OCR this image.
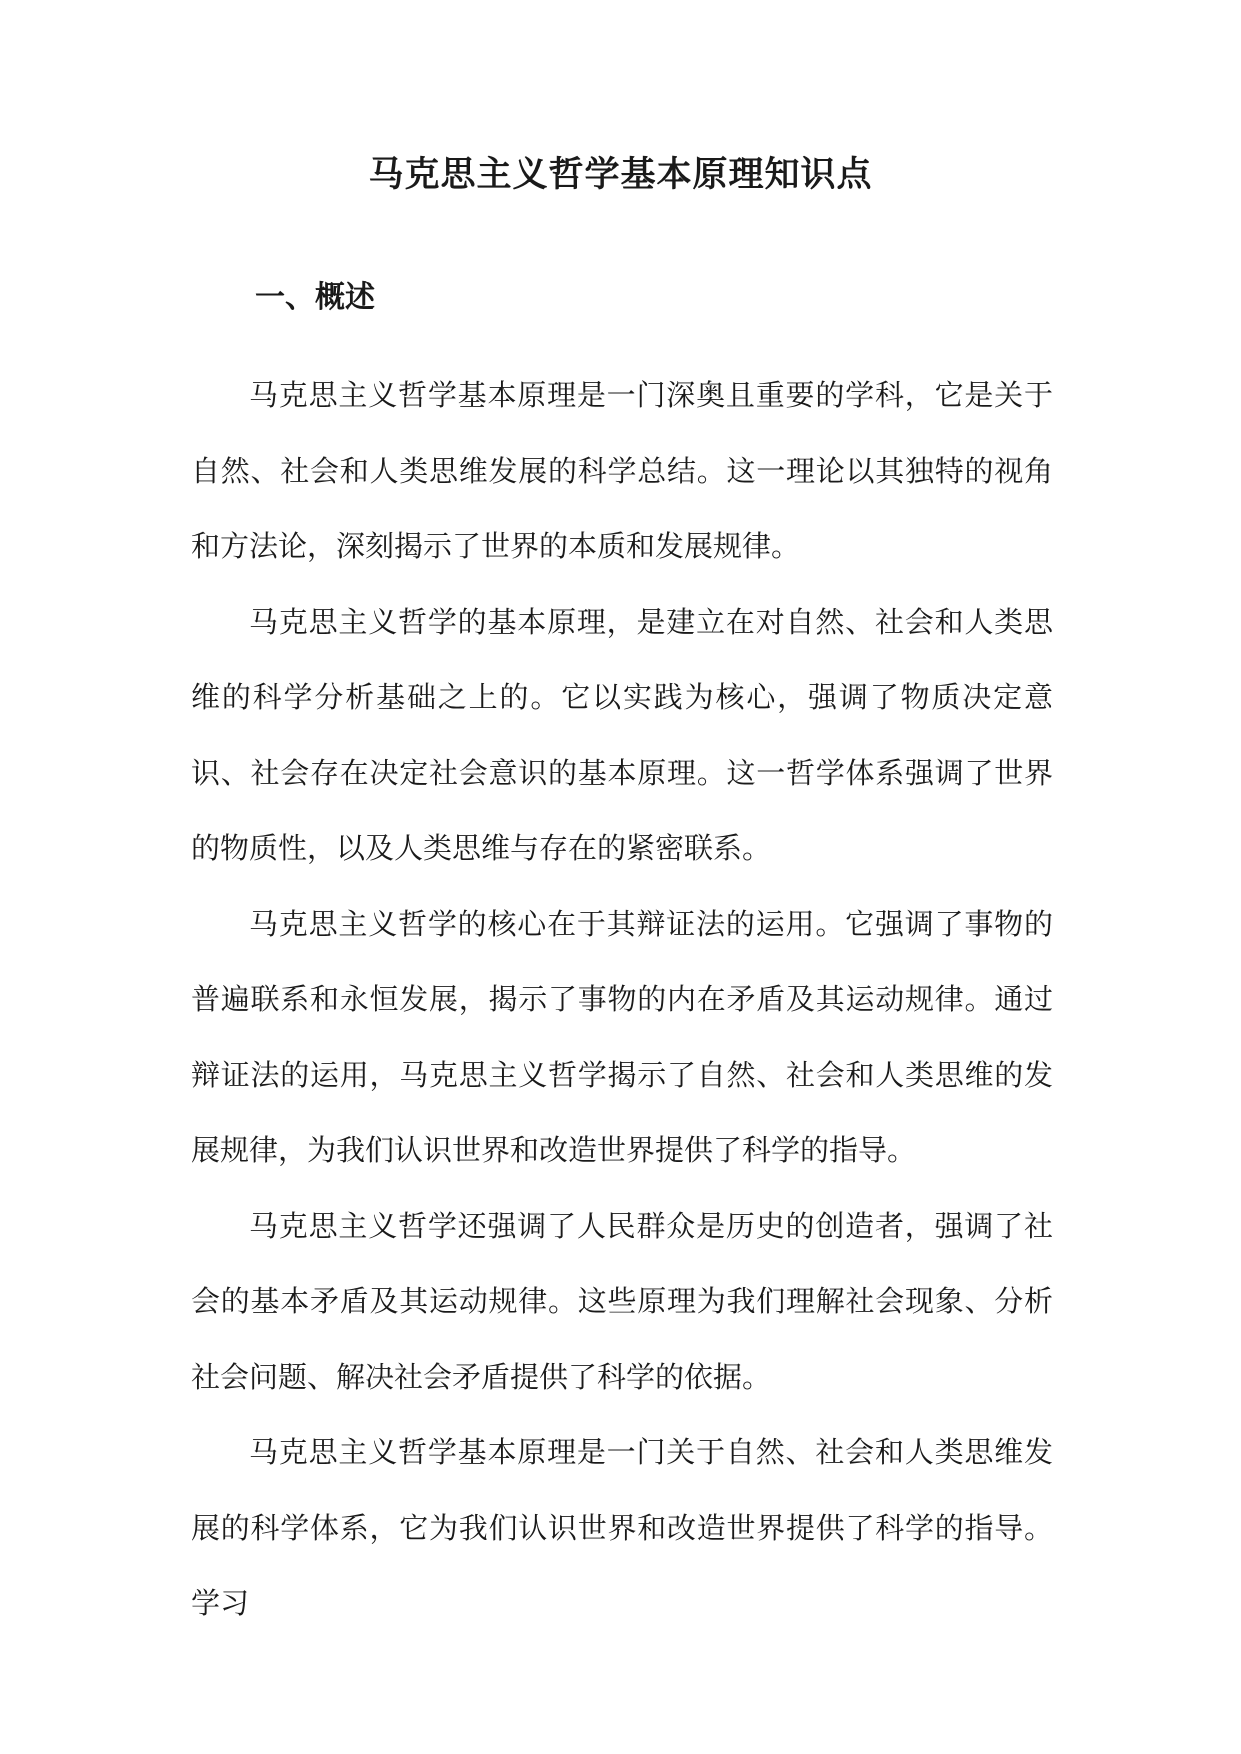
马克思主义哲学基本原理知识点
一、概述

马克思主义哲学基本原理是一门深奥且重要的学科，它是关于自然、社会和人类思维发展的科学总结。这一理论以其独特的视角和方法论，深刻揭示了世界的本质和发展规律。

马克思主义哲学的基本原理，是建立在对自然、社会和人类思维的科学分析基础之上的。它以实践为核心，强调了物质决定意识、社会存在决定社会意识的基本原理。这一哲学体系强调了世界的物质性，以及人类思维与存在的紧密联系。

马克思主义哲学的核心在于其辩证法的运用。它强调了事物的普遍联系和永恒发展，揭示了事物的内在矛盾及其运动规律。通过辩证法的运用，马克思主义哲学揭示了自然、社会和人类思维的发展规律，为我们认识世界和改造世界提供了科学的指导。

马克思主义哲学还强调了人民群众是历史的创造者，强调了社会的基本矛盾及其运动规律。这些原理为我们理解社会现象、分析社会问题、解决社会矛盾提供了科学的依据。

马克思主义哲学基本原理是一门关于自然、社会和人类思维发展的科学体系，它为我们认识世界和改造世界提供了科学的指导。学习
